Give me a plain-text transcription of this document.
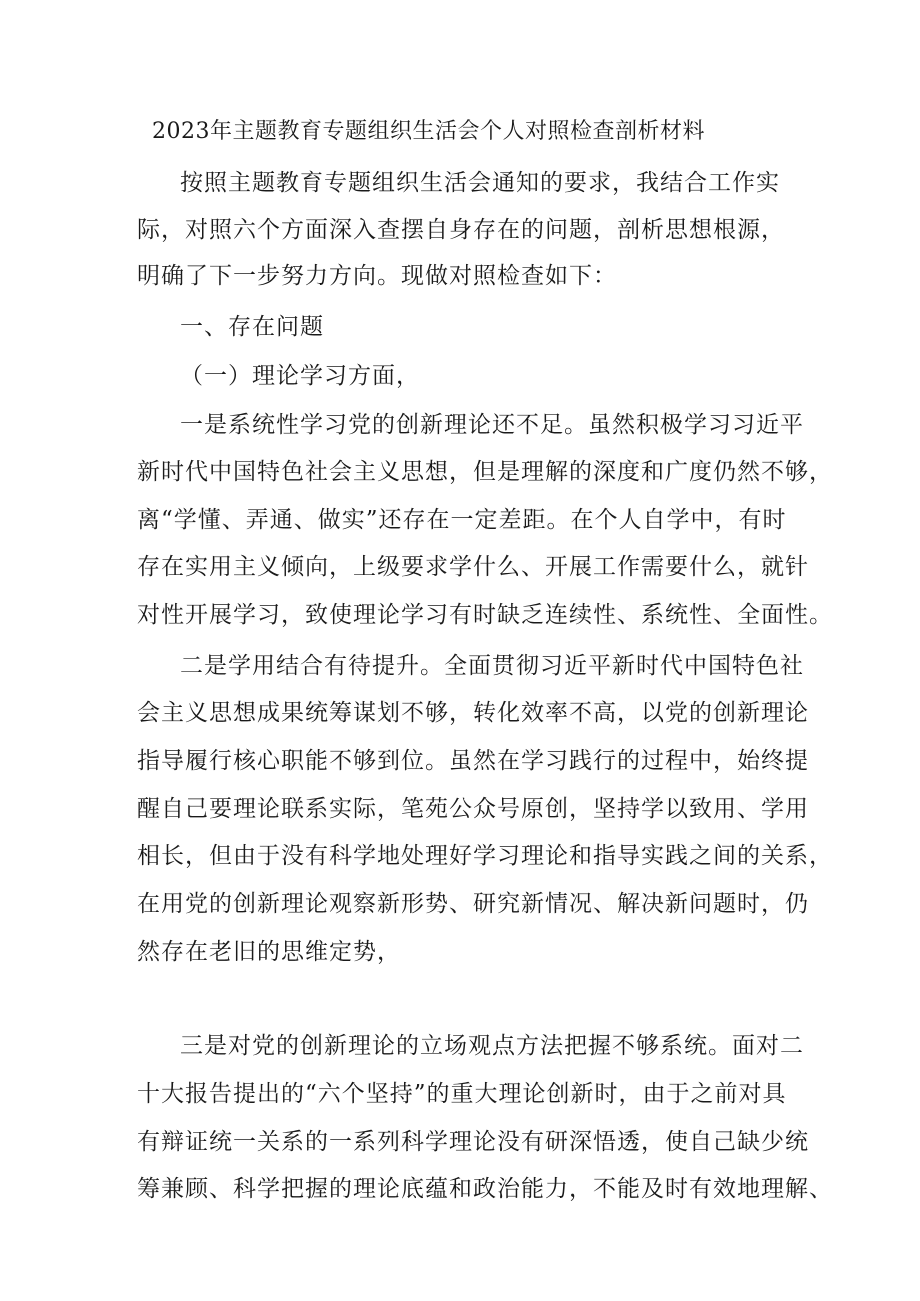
2023年主题教育专题组织生活会个人对照检查剖析材料
按照主题教育专题组织生活会通知的要求，我结合工作实
际，对照六个方面深入查摆自身存在的问题，剖析思想根源，
明确了下一步努力方向。现做对照检查如下：
一、存在问题
（一）理论学习方面，
一是系统性学习党的创新理论还不足。虽然积极学习习近平
新时代中国特色社会主义思想，但是理解的深度和广度仍然不够，
离“学懂、弄通、做实”还存在一定差距。在个人自学中，有时
存在实用主义倾向，上级要求学什么、开展工作需要什么，就针
对性开展学习，致使理论学习有时缺乏连续性、系统性、全面性。
二是学用结合有待提升。全面贯彻习近平新时代中国特色社
会主义思想成果统筹谋划不够，转化效率不高，以党的创新理论
指导履行核心职能不够到位。虽然在学习践行的过程中，始终提
醒自己要理论联系实际，笔苑公众号原创，坚持学以致用、学用
相长，但由于没有科学地处理好学习理论和指导实践之间的关系，
在用党的创新理论观察新形势、研究新情况、解决新问题时，仍
然存在老旧的思维定势，
三是对党的创新理论的立场观点方法把握不够系统。面对二
十大报告提出的“六个坚持”的重大理论创新时，由于之前对具
有辩证统一关系的一系列科学理论没有研深悟透，使自己缺少统
筹兼顾、科学把握的理论底蕴和政治能力，不能及时有效地理解、
